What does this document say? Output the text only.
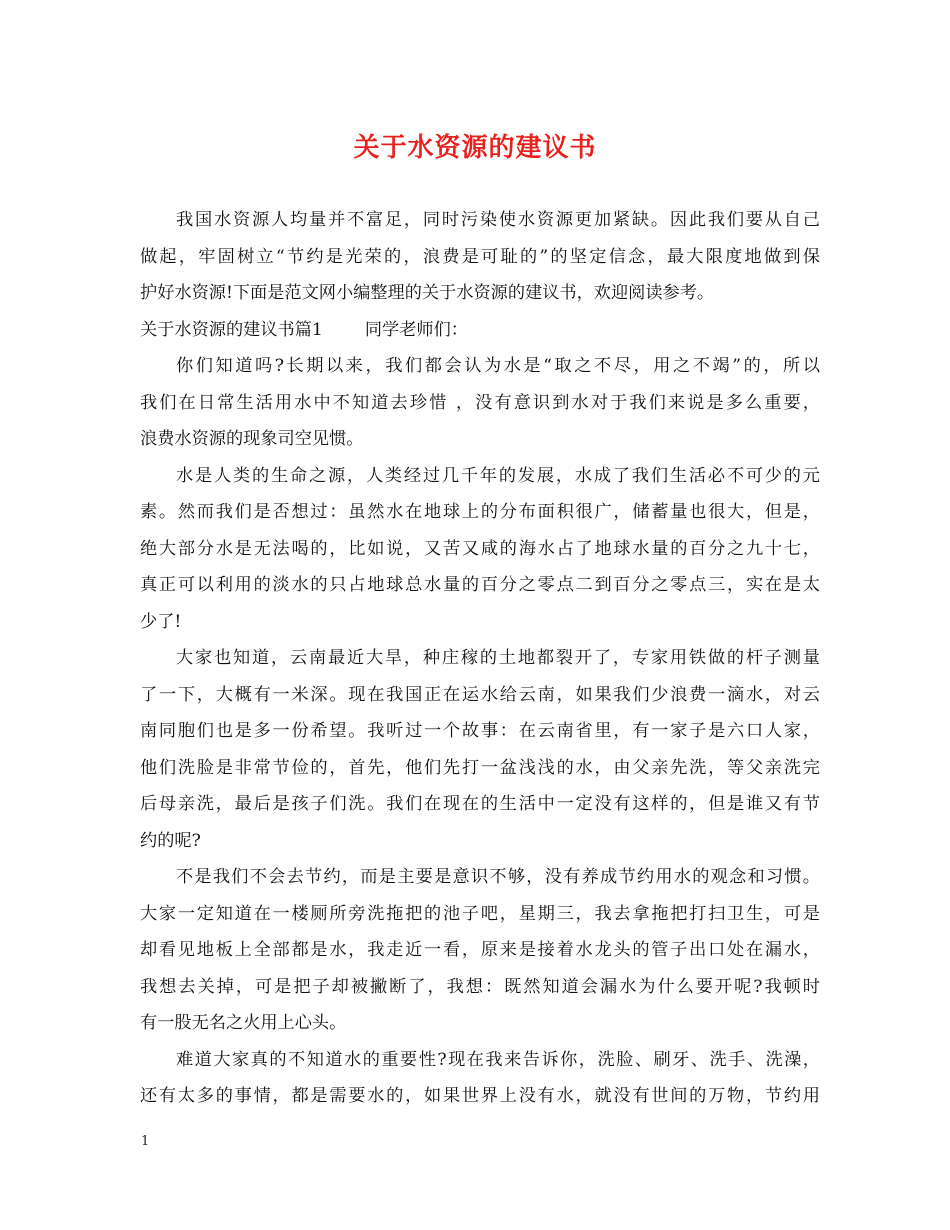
关于水资源的建议书
我国水资源人均量并不富足，同时污染使水资源更加紧缺。因此我们要从自己
做起，牢固树立“节约是光荣的，浪费是可耻的”的坚定信念，最大限度地做到保
护好水资源!下面是范文网小编整理的关于水资源的建议书，欢迎阅读参考。
关于水资源的建议书篇1 同学老师们：
你们知道吗?长期以来，我们都会认为水是“取之不尽，用之不竭”的，所以
我们在日常生活用水中不知道去珍惜 ，没有意识到水对于我们来说是多么重要，
浪费水资源的现象司空见惯。
水是人类的生命之源，人类经过几千年的发展，水成了我们生活必不可少的元
素。然而我们是否想过：虽然水在地球上的分布面积很广，储蓄量也很大，但是，
绝大部分水是无法喝的，比如说，又苦又咸的海水占了地球水量的百分之九十七，
真正可以利用的淡水的只占地球总水量的百分之零点二到百分之零点三，实在是太
少了!
大家也知道，云南最近大旱，种庄稼的土地都裂开了，专家用铁做的杆子测量
了一下，大概有一米深。现在我国正在运水给云南，如果我们少浪费一滴水，对云
南同胞们也是多一份希望。我听过一个故事：在云南省里，有一家子是六口人家，
他们洗脸是非常节俭的，首先，他们先打一盆浅浅的水，由父亲先洗，等父亲洗完
后母亲洗，最后是孩子们洗。我们在现在的生活中一定没有这样的，但是谁又有节
约的呢?
不是我们不会去节约，而是主要是意识不够，没有养成节约用水的观念和习惯。
大家一定知道在一楼厕所旁洗拖把的池子吧，星期三，我去拿拖把打扫卫生，可是
却看见地板上全部都是水，我走近一看，原来是接着水龙头的管子出口处在漏水，
我想去关掉，可是把子却被撇断了，我想：既然知道会漏水为什么要开呢?我顿时
有一股无名之火用上心头。
难道大家真的不知道水的重要性?现在我来告诉你，洗脸、刷牙、洗手、洗澡，
还有太多的事情，都是需要水的，如果世界上没有水，就没有世间的万物，节约用
1
